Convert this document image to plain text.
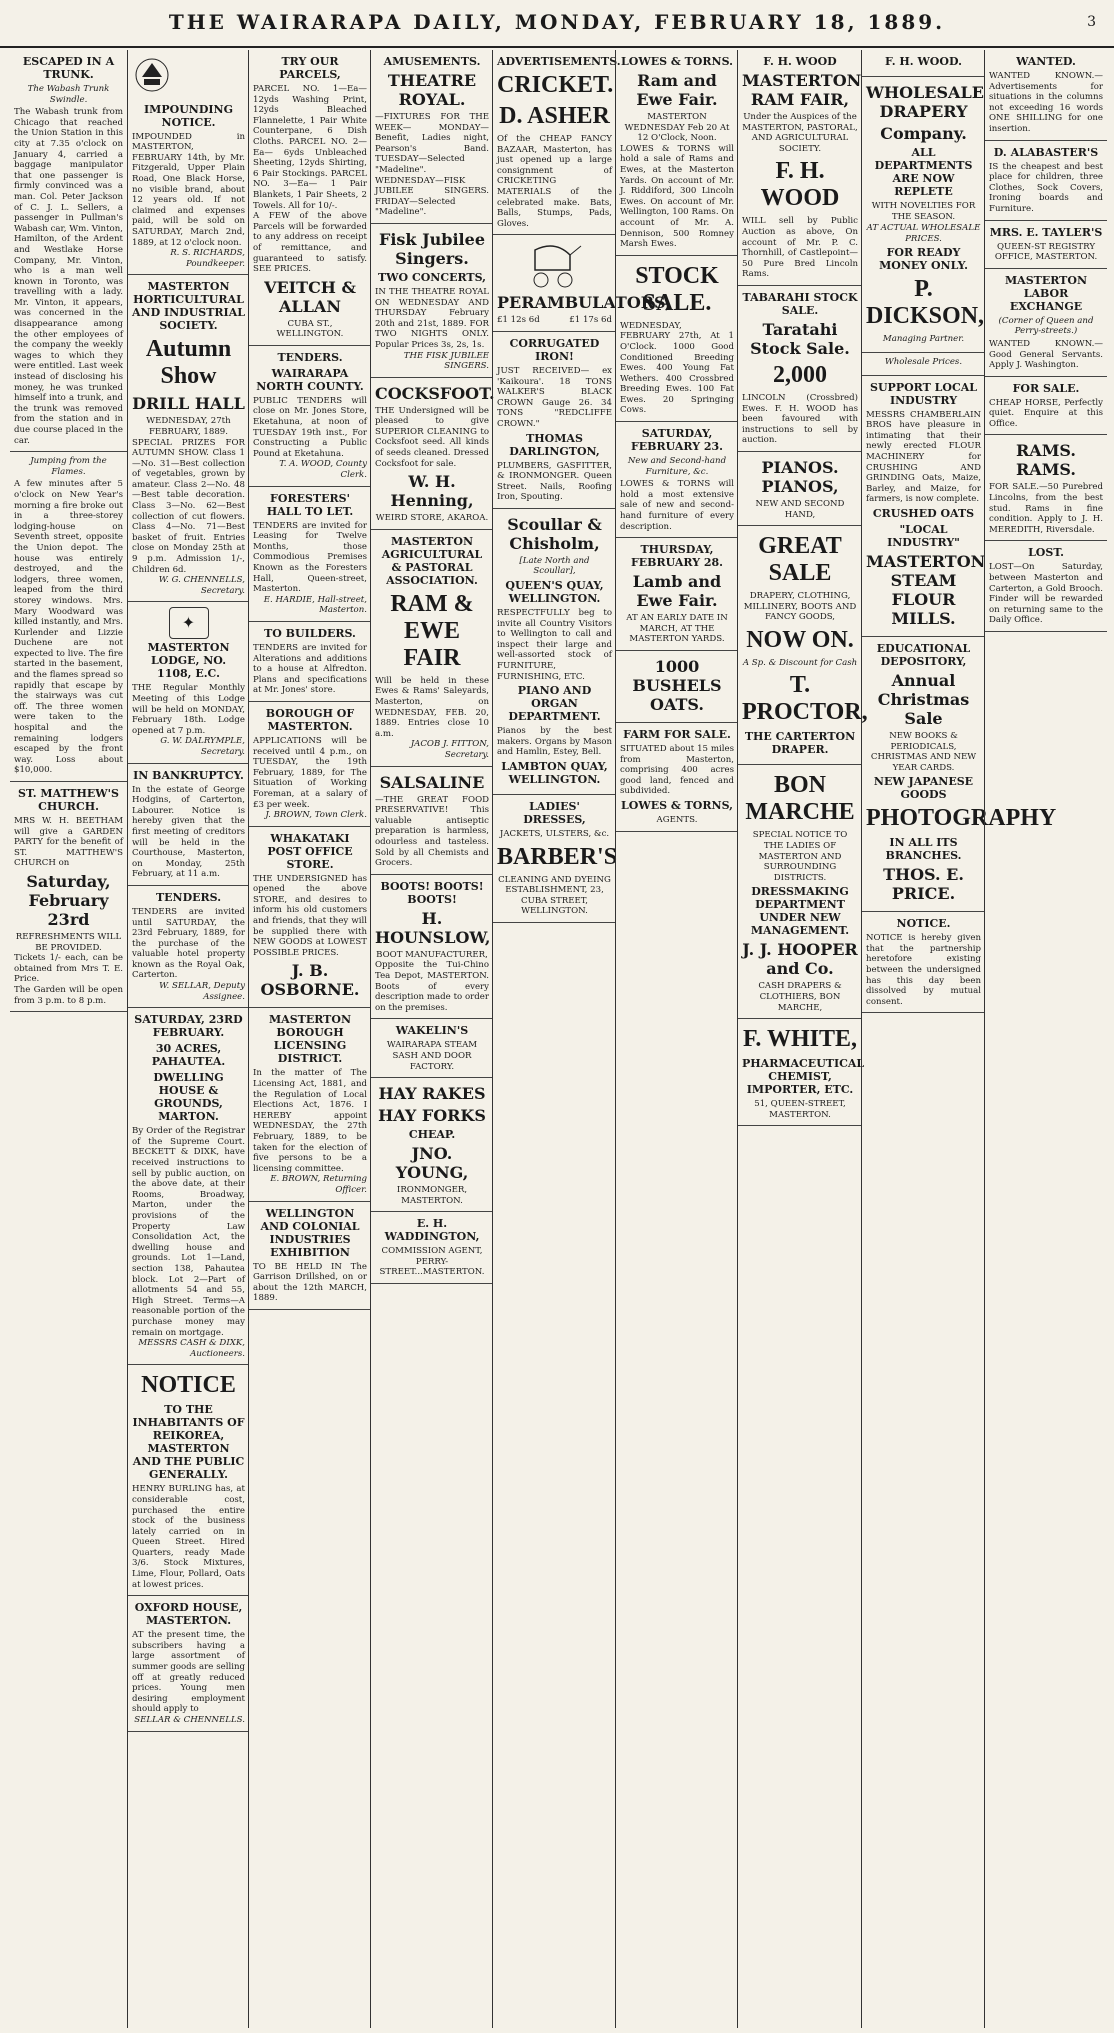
THE WAIRARAPA DAILY, MONDAY, FEBRUARY 18, 1889.	3
ESCAPED IN A TRUNK.
The Wabash Trunk Swindle.
The Wabash trunk from Chicago that reached the Union Station in this city at 7.35 o'clock on January 4, carried a baggage manipulator that one passenger is firmly convinced was a man. Col. Peter Jackson of C. J. L. Sellers, a passenger in Pullman's Wabash car, Wm. Vinton, Hamilton, of the Ardent and Westlake Horse Company, Mr. Vinton, who is a man well known in Toronto, was travelling with a lady. Mr. Vinton, it appears, was concerned in the disappearance among the other employees of the company the weekly wages to which they were entitled. Last week instead of disclosing his money, he was trunked himself into a trunk, and the trunk was removed from the station and in due course placed in the car.
Jumping from the Flames.
A few minutes after 5 o'clock on New Year's morning a fire broke out in a three-storey lodging-house on Seventh street, opposite the Union depot. The house was entirely destroyed, and the lodgers, three women, leaped from the third storey windows. Mrs. Mary Woodward was killed instantly, and Mrs. Kurlender and Lizzie Duchene are not expected to live. The fire started in the basement, and the flames spread so rapidly that escape by the stairways was cut off. The three women were taken to the hospital and the remaining lodgers escaped by the front way. Loss about $10,000.
ST. MATTHEW'S CHURCH.
MRS W. H. BEETHAM will give a GARDEN PARTY for the benefit of ST. MATTHEW'S CHURCH on
Saturday, February 23rd
REFRESHMENTS WILL BE PROVIDED.
Tickets 1/- each, can be obtained from Mrs T. E. Price.
The Garden will be open from 3 p.m. to 8 p.m.
IMPOUNDING NOTICE.
IMPOUNDED in MASTERTON, FEBRUARY 14th, by Mr. Fitzgerald, Upper Plain Road, One Black Horse, no visible brand, about 12 years old. If not claimed and expenses paid, will be sold on SATURDAY, March 2nd, 1889, at 12 o'clock noon.
R. S. RICHARDS, Poundkeeper.
MASTERTON HORTICULTURAL AND INDUSTRIAL SOCIETY.
Autumn Show
DRILL HALL
WEDNESDAY, 27th FEBRUARY, 1889.
SPECIAL PRIZES FOR AUTUMN SHOW. Class 1—No. 31—Best collection of vegetables, grown by amateur. Class 2—No. 48—Best table decoration. Class 3—No. 62—Best collection of cut flowers. Class 4—No. 71—Best basket of fruit. Entries close on Monday 25th at 9 p.m. Admission 1/-, Children 6d.
W. G. CHENNELLS, Secretary.
✦
MASTERTON LODGE, NO. 1108, E.C.
THE Regular Monthly Meeting of this Lodge will be held on MONDAY, February 18th. Lodge opened at 7 p.m.
G. W. DALRYMPLE, Secretary.
IN BANKRUPTCY.
In the estate of George Hodgins, of Carterton, Labourer. Notice is hereby given that the first meeting of creditors will be held in the Courthouse, Masterton, on Monday, 25th February, at 11 a.m.
TENDERS.
TENDERS are invited until SATURDAY, the 23rd February, 1889, for the purchase of the valuable hotel property known as the Royal Oak, Carterton.
W. SELLAR, Deputy Assignee.
SATURDAY, 23RD FEBRUARY.
30 ACRES, PAHAUTEA.
DWELLING HOUSE & GROUNDS, MARTON.
By Order of the Registrar of the Supreme Court. BECKETT & DIXK, have received instructions to sell by public auction, on the above date, at their Rooms, Broadway, Marton, under the provisions of the Property Law Consolidation Act, the dwelling house and grounds. Lot 1—Land, section 138, Pahautea block. Lot 2—Part of allotments 54 and 55, High Street. Terms—A reasonable portion of the purchase money may remain on mortgage.
MESSRS CASH & DIXK, Auctioneers.
NOTICE
TO THE INHABITANTS OF REIKOREA, MASTERTON AND THE PUBLIC GENERALLY.
HENRY BURLING has, at considerable cost, purchased the entire stock of the business lately carried on in Queen Street. Hired Quarters, ready Made 3/6. Stock Mixtures, Lime, Flour, Pollard, Oats at lowest prices.
OXFORD HOUSE, MASTERTON.
AT the present time, the subscribers having a large assortment of summer goods are selling off at greatly reduced prices. Young men desiring employment should apply to
SELLAR & CHENNELLS.
TRY OUR PARCELS,
PARCEL NO. 1—Ea— 12yds Washing Print, 12yds Bleached Flannelette, 1 Pair White Counterpane, 6 Dish Cloths. PARCEL NO. 2—Ea— 6yds Unbleached Sheeting, 12yds Shirting, 6 Pair Stockings. PARCEL NO. 3—Ea— 1 Pair Blankets, 1 Pair Sheets, 2 Towels. All for 10/-.
A FEW of the above Parcels will be forwarded to any address on receipt of remittance, and guaranteed to satisfy. SEE PRICES.
VEITCH & ALLAN
CUBA ST., WELLINGTON.
TENDERS.
WAIRARAPA NORTH COUNTY.
PUBLIC TENDERS will close on Mr. Jones Store, Eketahuna, at noon of TUESDAY 19th inst., For Constructing a Public Pound at Eketahuna.
T. A. WOOD, County Clerk.
FORESTERS' HALL TO LET.
TENDERS are invited for Leasing for Twelve Months, those Commodious Premises Known as the Foresters Hall, Queen-street, Masterton.
E. HARDIE, Hall-street, Masterton.
TO BUILDERS.
TENDERS are invited for Alterations and additions to a house at Alfredton. Plans and specifications at Mr. Jones' store.
BOROUGH OF MASTERTON.
APPLICATIONS will be received until 4 p.m., on TUESDAY, the 19th February, 1889, for The Situation of Working Foreman, at a salary of £3 per week.
J. BROWN, Town Clerk.
WHAKATAKI POST OFFICE STORE.
THE UNDERSIGNED has opened the above STORE, and desires to inform his old customers and friends, that they will be supplied there with NEW GOODS at LOWEST POSSIBLE PRICES.
J. B. OSBORNE.
MASTERTON BOROUGH LICENSING DISTRICT.
In the matter of The Licensing Act, 1881, and the Regulation of Local Elections Act, 1876. I HEREBY appoint WEDNESDAY, the 27th February, 1889, to be taken for the election of five persons to be a licensing committee.
E. BROWN, Returning Officer.
WELLINGTON AND COLONIAL INDUSTRIES EXHIBITION
TO BE HELD IN The Garrison Drillshed, on or about the 12th MARCH, 1889.
AMUSEMENTS.
THEATRE ROYAL.
—FIXTURES FOR THE WEEK— MONDAY—Benefit, Ladies night, Pearson's Band. TUESDAY—Selected "Madeline". WEDNESDAY—FISK JUBILEE SINGERS. FRIDAY—Selected "Madeline".
Fisk Jubilee Singers.
TWO CONCERTS,
IN THE THEATRE ROYAL ON WEDNESDAY AND THURSDAY February 20th and 21st, 1889. FOR TWO NIGHTS ONLY. Popular Prices 3s, 2s, 1s.
THE FISK JUBILEE SINGERS.
COCKSFOOT.
THE Undersigned will be pleased to give SUPERIOR CLEANING to Cocksfoot seed. All kinds of seeds cleaned. Dressed Cocksfoot for sale.
W. H. Henning,
WEIRD STORE, AKAROA.
MASTERTON AGRICULTURAL & PASTORAL ASSOCIATION.
RAM & EWE FAIR
Will be held in these Ewes & Rams' Saleyards, Masterton, on WEDNESDAY, FEB. 20, 1889. Entries close 10 a.m.
JACOB J. FITTON, Secretary.
SALSALINE
—THE GREAT FOOD PRESERVATIVE! This valuable antiseptic preparation is harmless, odourless and tasteless. Sold by all Chemists and Grocers.
BOOTS! BOOTS! BOOTS!
H. HOUNSLOW,
BOOT MANUFACTURER,
Opposite the Tui-Chino Tea Depot, MASTERTON. Boots of every description made to order on the premises.
WAKELIN'S
WAIRARAPA STEAM SASH AND DOOR FACTORY.
HAY RAKES
HAY FORKS
CHEAP.
JNO. YOUNG,
IRONMONGER,
MASTERTON.
E. H. WADDINGTON,
COMMISSION AGENT,
PERRY-STREET...MASTERTON.
ADVERTISEMENTS.
CRICKET.
D. ASHER
Of the CHEAP FANCY BAZAAR, Masterton, has just opened up a large consignment of CRICKETING MATERIALS of the celebrated make. Bats, Balls, Stumps, Pads, Gloves.
PERAMBULATORS,
£1 12s 6d	£1 17s 6d
CORRUGATED IRON!
JUST RECEIVED— ex 'Kaikoura'. 18 TONS WALKER'S BLACK CROWN Gauge 26. 34 TONS "REDCLIFFE CROWN."
THOMAS DARLINGTON,
PLUMBERS, GASFITTER, & IRONMONGER. Queen Street. Nails, Roofing Iron, Spouting.
Scoullar & Chisholm,
[Late North and Scoullar],
QUEEN'S QUAY, WELLINGTON.
RESPECTFULLY beg to invite all Country Visitors to Wellington to call and inspect their large and well-assorted stock of FURNITURE, FURNISHING, ETC.
PIANO AND ORGAN DEPARTMENT.
Pianos by the best makers. Organs by Mason and Hamlin, Estey, Bell.
LAMBTON QUAY, WELLINGTON.
LADIES' DRESSES,
JACKETS, ULSTERS, &c.
BARBER'S
CLEANING AND DYEING ESTABLISHMENT, 23, CUBA STREET, WELLINGTON.
LOWES & TORNS.
Ram and Ewe Fair.
MASTERTON WEDNESDAY Feb 20 At 12 O'Clock, Noon.
LOWES & TORNS will hold a sale of Rams and Ewes, at the Masterton Yards. On account of Mr. J. Riddiford, 300 Lincoln Ewes. On account of Mr. Wellington, 100 Rams. On account of Mr. A. Dennison, 500 Romney Marsh Ewes.
STOCK SALE.
WEDNESDAY, FEBRUARY 27th, At 1 O'Clock. 1000 Good Conditioned Breeding Ewes. 400 Young Fat Wethers. 400 Crossbred Breeding Ewes. 100 Fat Ewes. 20 Springing Cows.
SATURDAY, FEBRUARY 23.
New and Second-hand Furniture, &c.
LOWES & TORNS will hold a most extensive sale of new and second-hand furniture of every description.
THURSDAY, FEBRUARY 28.
Lamb and Ewe Fair.
AT AN EARLY DATE IN MARCH, AT THE MASTERTON YARDS.
1000 BUSHELS OATS.
FARM FOR SALE.
SITUATED about 15 miles from Masterton, comprising 400 acres good land, fenced and subdivided.
LOWES & TORNS,
AGENTS.
F. H. WOOD
MASTERTON RAM FAIR,
Under the Auspices of the MASTERTON, PASTORAL, AND AGRICULTURAL SOCIETY.
F. H. WOOD
WILL sell by Public Auction as above, On account of Mr. P. C. Thornhill, of Castlepoint—50 Pure Bred Lincoln Rams.
TABARAHI STOCK SALE.
Taratahi Stock Sale.
2,000
LINCOLN (Crossbred) Ewes. F. H. WOOD has been favoured with instructions to sell by auction.
PIANOS. PIANOS,
NEW AND SECOND HAND,
GREAT SALE
DRAPERY, CLOTHING, MILLINERY, BOOTS AND FANCY GOODS,
NOW ON.
A Sp. & Discount for Cash
T. PROCTOR,
THE CARTERTON DRAPER.
BON MARCHE
SPECIAL NOTICE TO THE LADIES OF MASTERTON AND SURROUNDING DISTRICTS.
DRESSMAKING DEPARTMENT UNDER NEW MANAGEMENT.
J. J. HOOPER and Co.
CASH DRAPERS & CLOTHIERS, BON MARCHE,
F. WHITE,
PHARMACEUTICAL CHEMIST, IMPORTER, ETC.
51, QUEEN-STREET, MASTERTON.
F. H. WOOD.
WHOLESALE DRAPERY
Company.
ALL DEPARTMENTS ARE NOW REPLETE
WITH NOVELTIES FOR THE SEASON.
AT ACTUAL WHOLESALE PRICES.
FOR READY MONEY ONLY.
P. DICKSON,
Managing Partner.
Wholesale Prices.
SUPPORT LOCAL INDUSTRY
MESSRS CHAMBERLAIN BROS have pleasure in intimating that their newly erected FLOUR MACHINERY for CRUSHING AND GRINDING Oats, Maize, Barley, and Maize, for farmers, is now complete.
CRUSHED OATS
"LOCAL INDUSTRY"
MASTERTON STEAM FLOUR MILLS.
EDUCATIONAL DEPOSITORY,
Annual Christmas Sale
NEW BOOKS & PERIODICALS, CHRISTMAS AND NEW YEAR CARDS.
NEW JAPANESE GOODS
PHOTOGRAPHY
IN ALL ITS BRANCHES.
THOS. E. PRICE.
NOTICE.
NOTICE is hereby given that the partnership heretofore existing between the undersigned has this day been dissolved by mutual consent.
WANTED.
WANTED KNOWN.—Advertisements for situations in the columns not exceeding 16 words ONE SHILLING for one insertion.
D. ALABASTER'S
IS the cheapest and best place for children, three Clothes, Sock Covers, Ironing boards and Furniture.
MRS. E. TAYLER'S
QUEEN-ST REGISTRY OFFICE, MASTERTON.
MASTERTON LABOR EXCHANGE
(Corner of Queen and Perry-streets.)
WANTED KNOWN.—Good General Servants. Apply J. Washington.
FOR SALE.
CHEAP HORSE, Perfectly quiet. Enquire at this Office.
RAMS. RAMS.
FOR SALE.—50 Purebred Lincolns, from the best stud. Rams in fine condition. Apply to J. H. MEREDITH, Riversdale.
LOST.
LOST—On Saturday, between Masterton and Carterton, a Gold Brooch. Finder will be rewarded on returning same to the Daily Office.
